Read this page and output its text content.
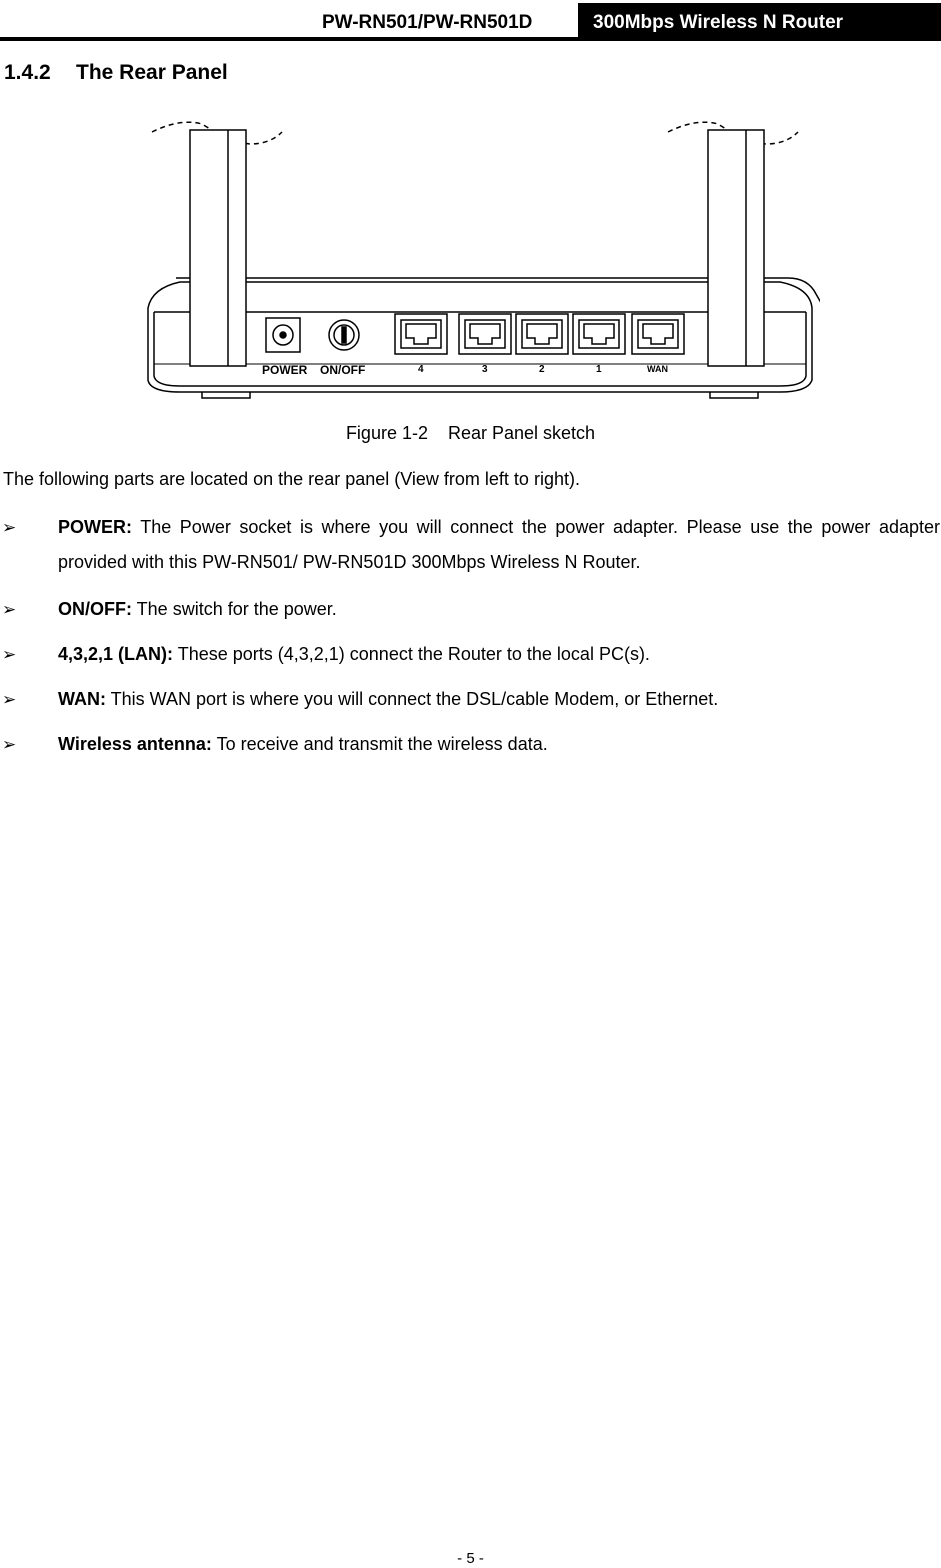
PW-RN501/PW-RN501D	300Mbps Wireless N Router
1.4.2 The Rear Panel
POWER ON/OFF	4	3	2	1	WAN
Figure 1-2    Rear Panel sketch
The following parts are located on the rear panel (View from left to right).
➢ POWER: The Power socket is where you will connect the power adapter. Please use the power adapter provided with this PW-RN501/ PW-RN501D 300Mbps Wireless N Router.
➢ ON/OFF: The switch for the power.
➢ 4,3,2,1 (LAN): These ports (4,3,2,1) connect the Router to the local PC(s).
➢ WAN: This WAN port is where you will connect the DSL/cable Modem, or Ethernet.
➢ Wireless antenna: To receive and transmit the wireless data.
- 5 -
